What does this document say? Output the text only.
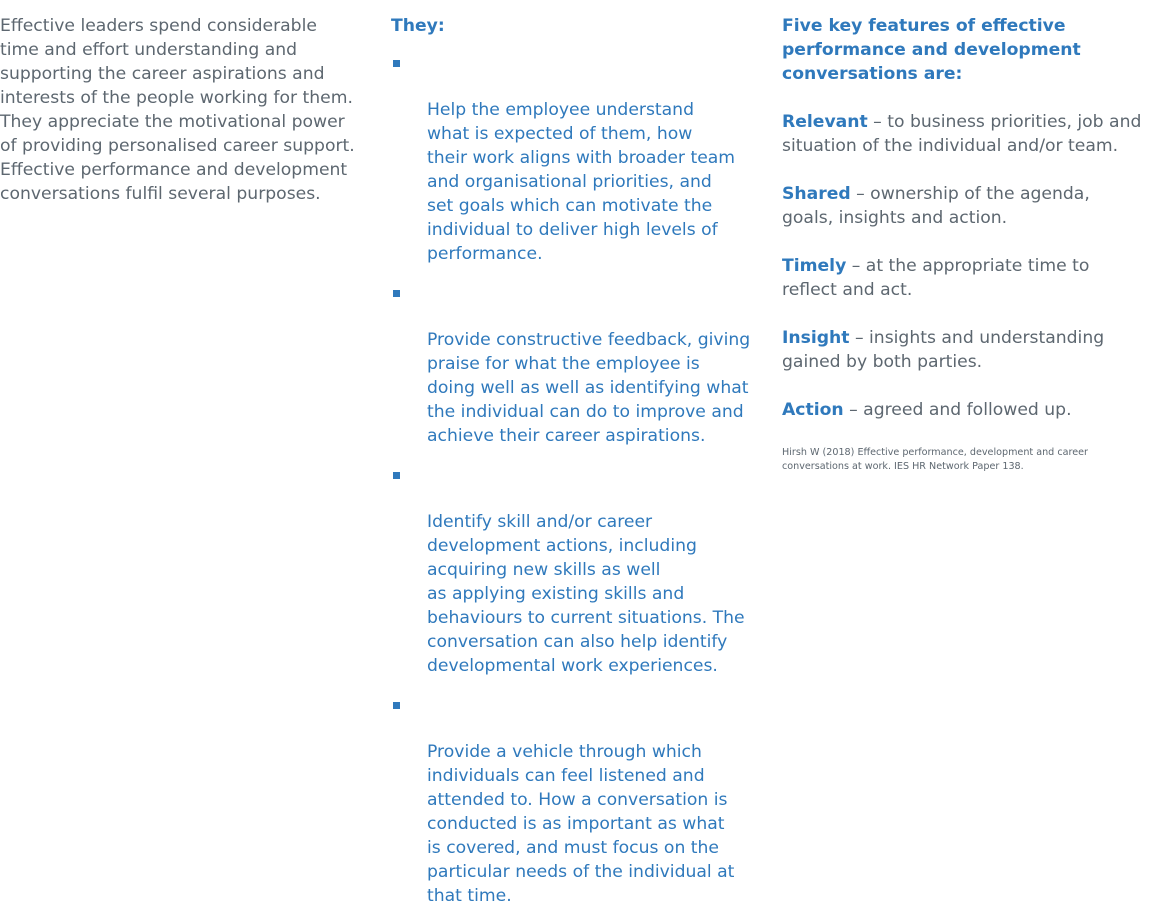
Effective leaders spend considerable
time and effort understanding and
supporting the career aspirations and
interests of the people working for them.
They appreciate the motivational power
of providing personalised career support.
Effective performance and development
conversations fulfil several purposes.

They:

Help the employee understand
what is expected of them, how
their work aligns with broader team
and organisational priorities, and
set goals which can motivate the
individual to deliver high levels of
performance.

Provide constructive feedback, giving
praise for what the employee is
doing well as well as identifying what
the individual can do to improve and
achieve their career aspirations.

Identify skill and/or career
development actions, including
acquiring new skills as well
as applying existing skills and
behaviours to current situations. The
conversation can also help identify
developmental work experiences.

Provide a vehicle through which
individuals can feel listened and
attended to. How a conversation is
conducted is as important as what
is covered, and must focus on the
particular needs of the individual at
that time.

Five key features of effective
performance and development
conversations are:

Relevant – to business priorities, job and
situation of the individual and/or team.

Shared – ownership of the agenda,
goals, insights and action.

Timely – at the appropriate time to
reflect and act.

Insight – insights and understanding
gained by both parties.

Action – agreed and followed up.

Hirsh W (2018) Effective performance, development and career
conversations at work. IES HR Network Paper 138.
